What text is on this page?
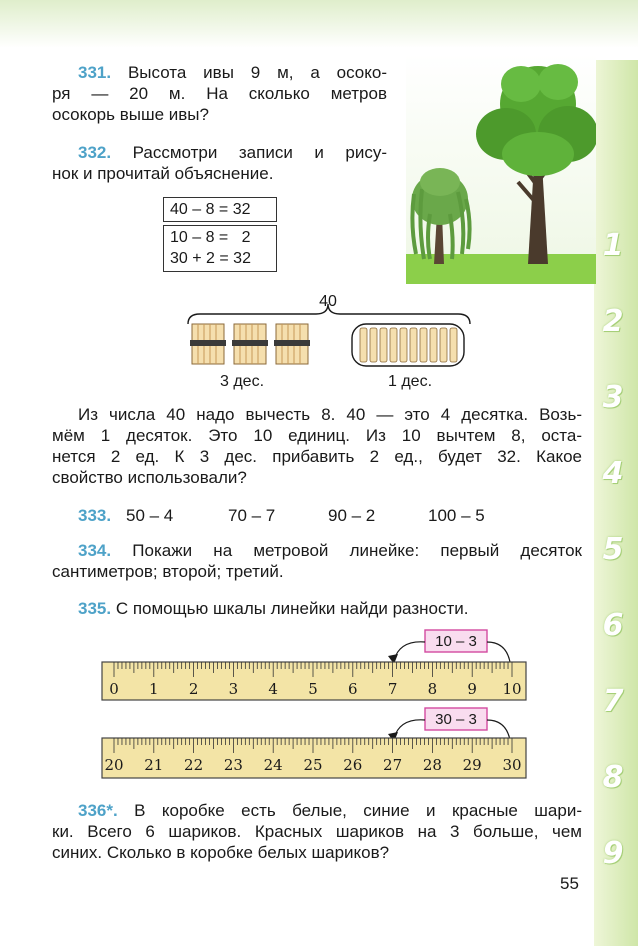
1
2
3
4
5
6
7
8
9
331. Высота ивы 9 м, а осоко-
ря — 20 м. На сколько метров
осокорь выше ивы?
332. Рассмотри записи и рису-
нок и прочитай объяснение.
40 – 8 = 32
10 – 8 =   2
30 + 2 = 32
40
3 дес.	1 дес.
Из числа 40 надо вычесть 8. 40 — это 4 десятка. Возь-
мём 1 десяток. Это 10 единиц. Из 10 вычтем 8, оста-
нется 2 ед. К 3 дес. прибавить 2 ед., будет 32. Какое
свойство использовали?
333. 50 – 4	70 – 7	90 – 2	100 – 5
334. Покажи на метровой линейке: первый десяток
сантиметров; второй; третий.
335. С помощью шкалы линейки найди разности.
10 – 3
0 1 2 3 4 5 6 7 8 9 10
30 – 3
20 21 22 23 24 25 26 27 28 29 30
336*. В коробке есть белые, синие и красные шари-
ки. Всего 6 шариков. Красных шариков на 3 больше, чем
синих. Сколько в коробке белых шариков?
55
